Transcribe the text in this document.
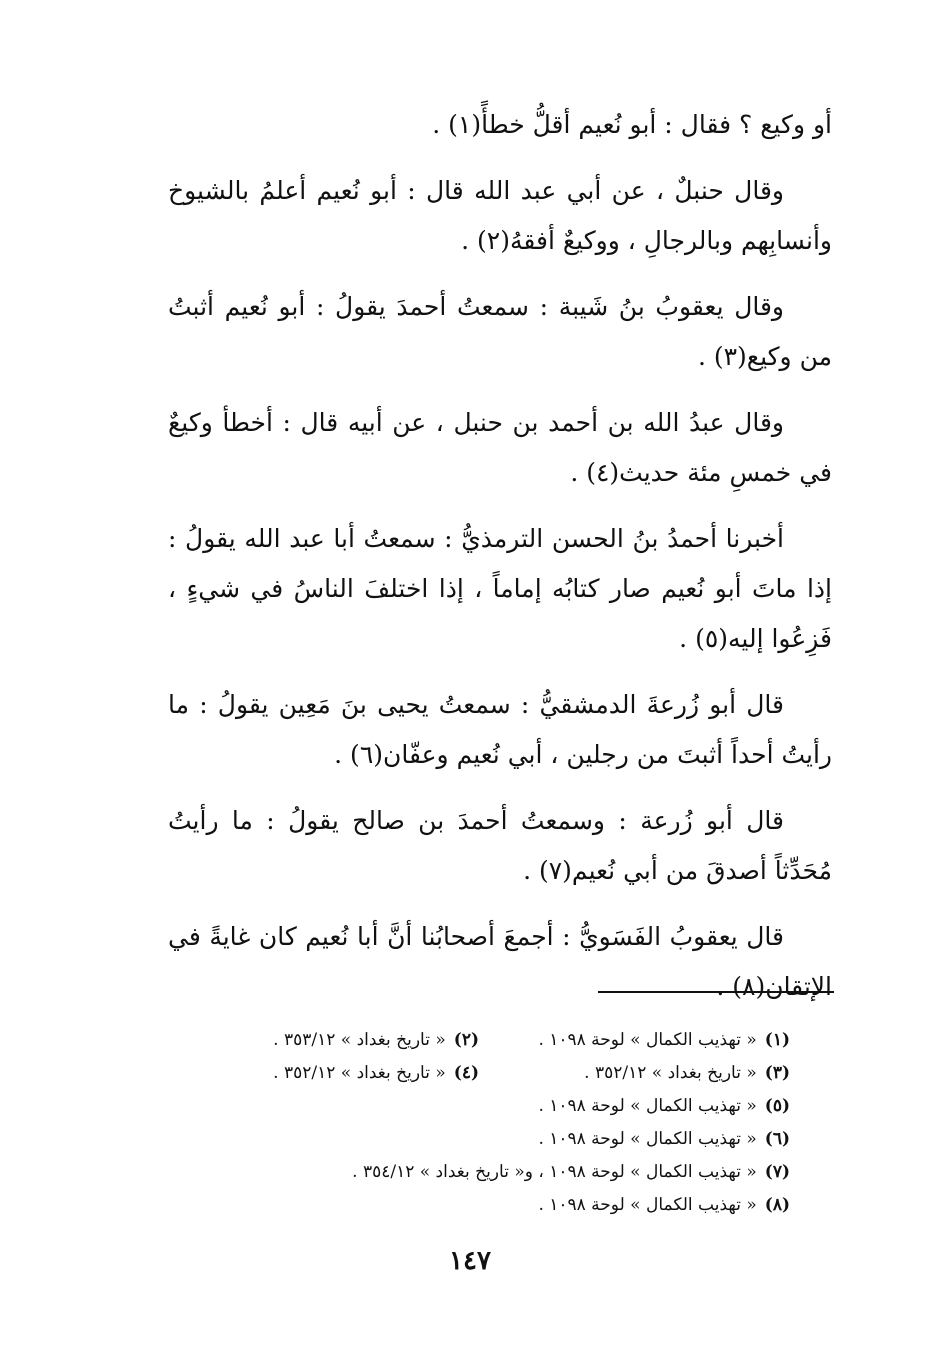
أو وكيع ؟ فقال : أبو نُعيم أقلُّ خطأً(١) .

وقال حنبلٌ ، عن أبي عبد الله قال : أبو نُعيم أعلمُ بالشيوخ وأنسابِهم وبالرجالِ ، ووكيعٌ أفقهُ(٢) .

وقال يعقوبُ بنُ شَيبة : سمعتُ أحمدَ يقولُ : أبو نُعيم أثبتُ من وكيع(٣) .

وقال عبدُ الله بن أحمد بن حنبل ، عن أبيه قال : أخطأ وكيعٌ في خمسِ مئة حديث(٤) .

أخبرنا أحمدُ بنُ الحسن الترمذيُّ : سمعتُ أبا عبد الله يقولُ : إذا ماتَ أبو نُعيم صار كتابُه إماماً ، إذا اختلفَ الناسُ في شيءٍ ، فَزِعُوا إليه(٥) .

قال أبو زُرعةَ الدمشقيُّ : سمعتُ يحيى بنَ مَعِين يقولُ : ما رأيتُ أحداً أثبتَ من رجلين ، أبي نُعيم وعفّان(٦) .

قال أبو زُرعة : وسمعتُ أحمدَ بن صالح يقولُ : ما رأيتُ مُحَدِّثاً أصدقَ من أبي نُعيم(٧) .

قال يعقوبُ الفَسَويُّ : أجمعَ أصحابُنا أنَّ أبا نُعيم كان غايةً في الإتقان(٨) .

(١)« تهذيب الكمال » لوحة ١٠٩٨ .
(٢)« تاريخ بغداد » ٣٥٣/١٢ .
(٣)« تاريخ بغداد » ٣٥٢/١٢ .
(٤)« تاريخ بغداد » ٣٥٢/١٢ .
(٥)« تهذيب الكمال » لوحة ١٠٩٨ .
(٦)« تهذيب الكمال » لوحة ١٠٩٨ .
(٧)« تهذيب الكمال » لوحة ١٠٩٨ ، و« تاريخ بغداد » ٣٥٤/١٢ .
(٨)« تهذيب الكمال » لوحة ١٠٩٨ .
١٤٧
